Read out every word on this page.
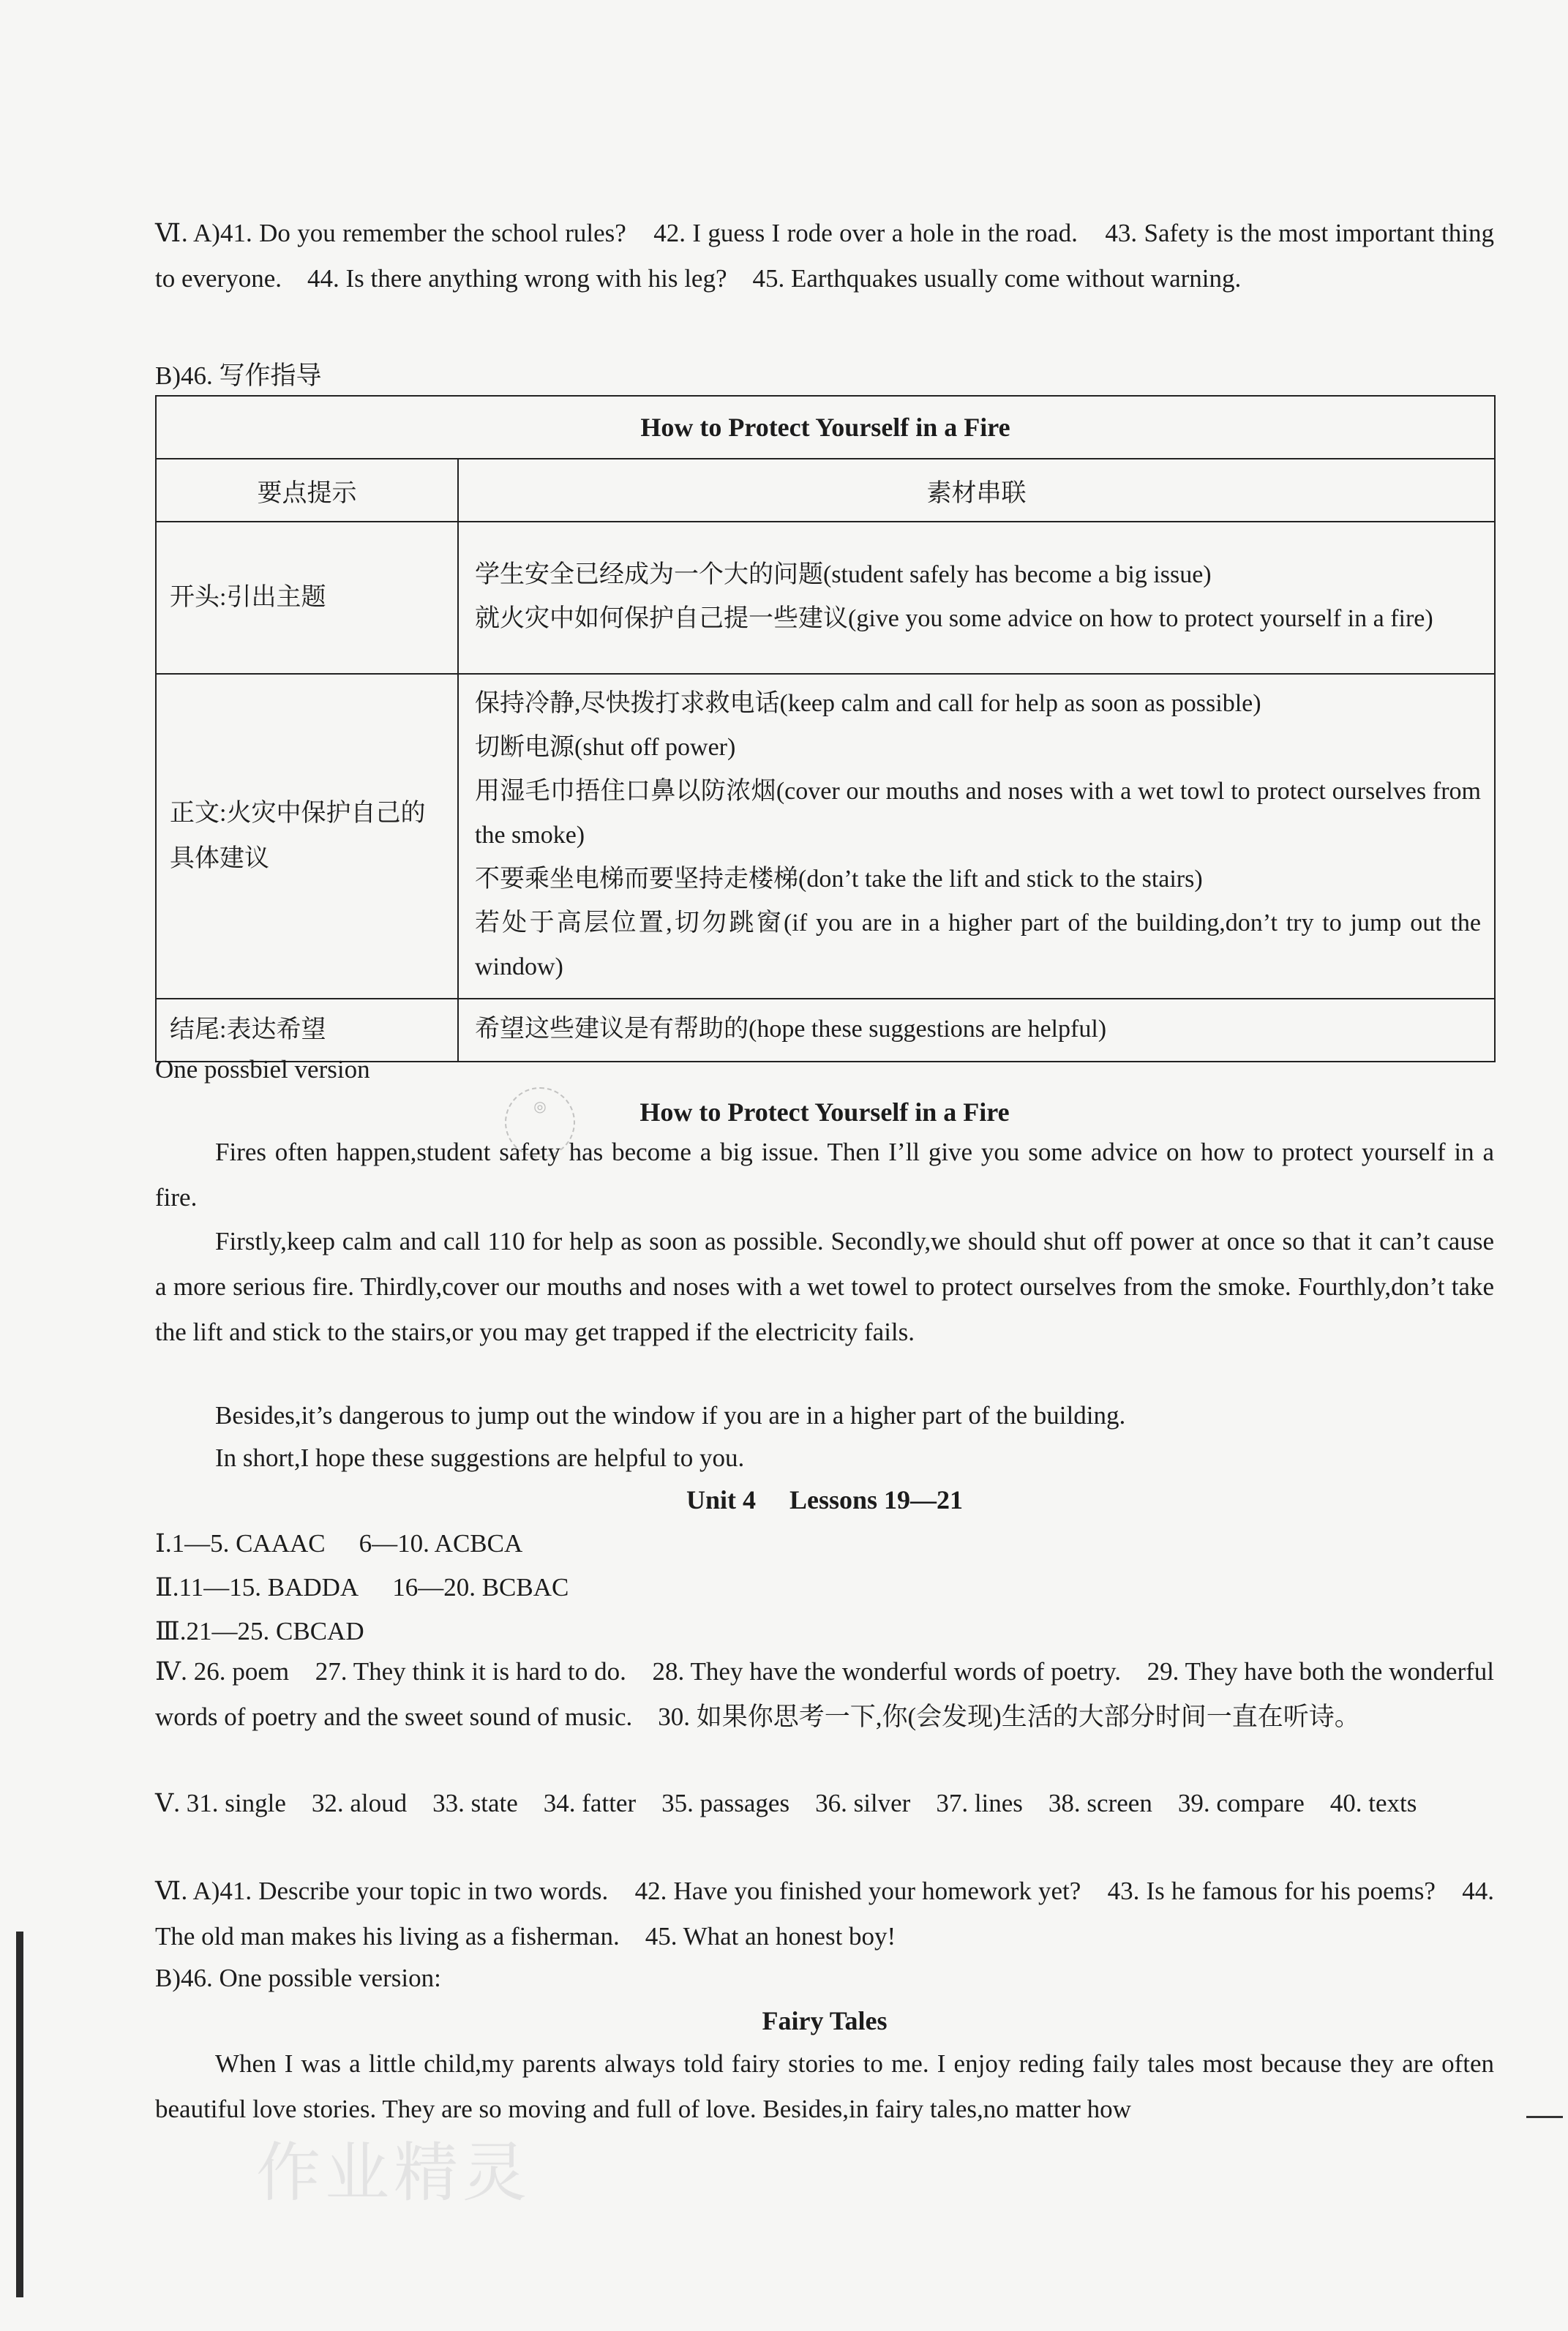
Ⅵ. A)41. Do you remember the school rules?    42. I guess I rode over a hole in the road.    43. Safety is the most important thing to everyone.    44. Is there anything wrong with his leg?    45. Earthquakes usually come without warning.

B)46. 写作指导

How to Protect Yourself in a Fire	
要点提示	素材串联
开头:引出主题	学生安全已经成为一个大的问题(student safely has become a big issue)
就火灾中如何保护自己提一些建议(give you some advice on how to protect yourself in a fire)

正文:火灾中保护自己的具体建议	保持冷静,尽快拨打求救电话(keep calm and call for help as soon as possible)
切断电源(shut off power)
用湿毛巾捂住口鼻以防浓烟(cover our mouths and noses with a wet towl to protect ourselves from the smoke)
不要乘坐电梯而要坚持走楼梯(don’t take the lift and stick to the stairs)
若处于高层位置,切勿跳窗(if you are in a higher part of the building,don’t try to jump out the window)

结尾:表达希望	希望这些建议是有帮助的(hope these suggestions are helpful)

One possbiel version

◎	How to Protect Yourself in a Fire

Fires often happen,student safety has become a big issue. Then I’ll give you some advice on how to protect yourself in a fire.

Firstly,keep calm and call 110 for help as soon as possible. Secondly,we should shut off power at once so that it can’t cause a more serious fire. Thirdly,cover our mouths and noses with a wet towel to protect ourselves from the smoke. Fourthly,don’t take the lift and stick to the stairs,or you may get trapped if the electricity fails.

Besides,it’s dangerous to jump out the window if you are in a higher part of the building.

In short,I hope these suggestions are helpful to you.

Unit 4 Lessons 19—21

Ⅰ.1—5. CAAAC 6—10. ACBCA

Ⅱ.11—15. BADDA 16—20. BCBAC

Ⅲ.21—25. CBCAD

Ⅳ. 26. poem    27. They think it is hard to do.    28. They have the wonderful words of poetry.    29. They have both the wonderful words of poetry and the sweet sound of music.    30. 如果你思考一下,你(会发现)生活的大部分时间一直在听诗。

Ⅴ. 31. single    32. aloud    33. state    34. fatter    35. passages    36. silver    37. lines    38. screen    39. compare    40. texts

Ⅵ. A)41. Describe your topic in two words.    42. Have you finished your homework yet?    43. Is he famous for his poems?    44. The old man makes his living as a fisherman.    45. What an honest boy!

B)46. One possible version:

Fairy Tales

When I was a little child,my parents always told fairy stories to me. I enjoy reding faily tales most because they are often beautiful love stories. They are so moving and full of love. Besides,in fairy tales,no matter how

作业精灵
